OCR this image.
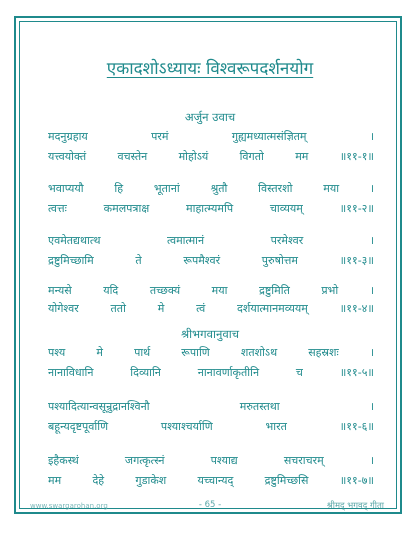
एकादशोऽध्यायः विश्वरूपदर्शनयोग
अर्जुन उवाच
मदनुग्रहाय परमं गुह्यमध्यात्मसंज्ञितम् ।
यत्त्वयोक्तं वचस्तेन मोहोऽयं विगतो मम ॥११-१॥
भवाप्ययौ हि भूतानां श्रुतौ विस्तरशो मया ।
त्वत्तः कमलपत्राक्ष माहात्म्यमपि चाव्ययम् ॥११-२॥
एवमेतद्यथात्थ त्वमात्मानं परमेश्वर ।
द्रष्टुमिच्छामि ते रूपमैश्वरं पुरुषोत्तम ॥११-३॥
मन्यसे यदि तच्छक्यं मया द्रष्टुमिति प्रभो ।
योगेश्वर ततो मे त्वं दर्शयात्मानमव्ययम् ॥११-४॥
श्रीभगवानुवाच
पश्य मे पार्थ रूपाणि शतशोऽथ सहस्रशः ।
नानाविधानि दिव्यानि नानावर्णाकृतीनि च ॥११-५॥
पश्यादित्यान्वसून्रुद्रानश्विनौ मरुतस्तथा ।
बहून्यदृष्टपूर्वाणि पश्याश्चर्याणि भारत ॥११-६॥
इहैकस्थं जगत्कृत्स्नं पश्याद्य सचराचरम् ।
मम देहे गुडाकेश यच्चान्यद् द्रष्टुमिच्छसि ॥११-७॥
www.swargarohan.org	- 65 -	श्रीमद् भगवद् गीता
